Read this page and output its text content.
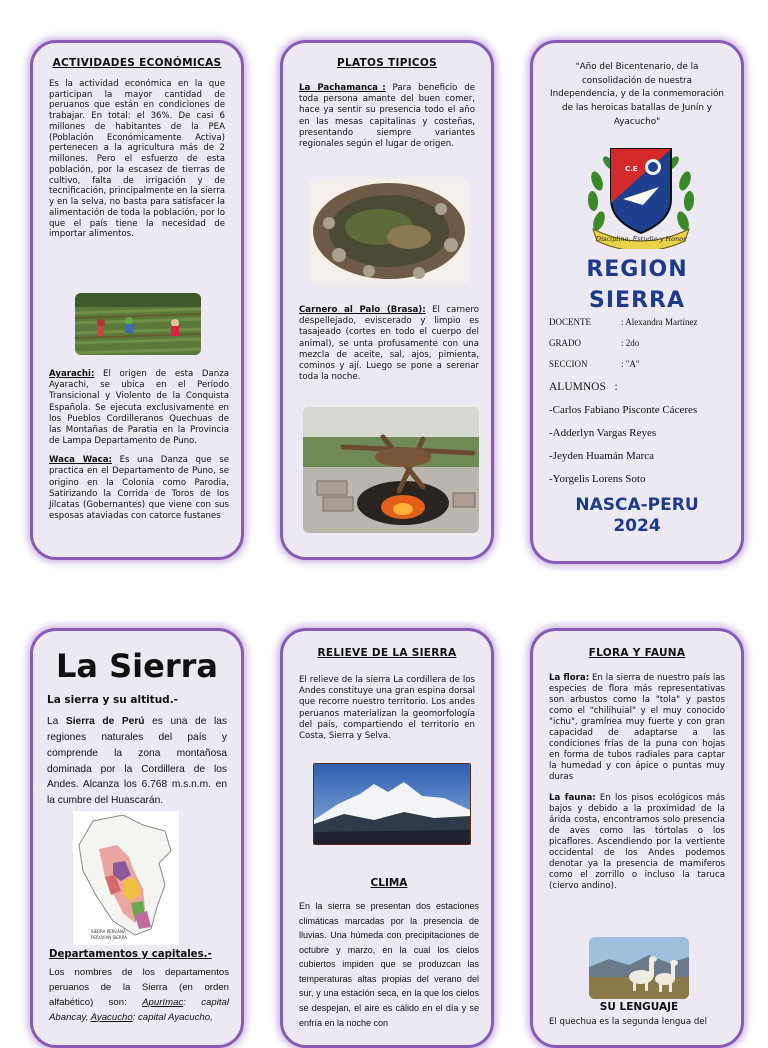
ACTIVIDADES ECONÓMICAS

Es la actividad económica en la que participan la mayor cantidad de peruanos que están en condiciones de trabajar. En total: el 36%. De casi 6 millones de habitantes de la PEA (Población Económicamente Activa) pertenecen a la agricultura más de 2 millones. Pero el esfuerzo de esta población, por la escasez de tierras de cultivo, falta de irrigación y de tecnificación, principalmente en la sierra y en la selva, no basta para satisfacer la alimentación de toda la población, por lo que el país tiene la necesidad de importar alimentos.

Ayarachi: El origen de esta Danza Ayarachi, se ubica en el Periodo Transicional y Violento de la Conquista Española. Se ejecuta exclusivamente en los Pueblos Cordilleranos Quechuas de las Montañas de Paratia en la Provincia de Lampa Departamento de Puno.

Waca Waca: Es una Danza que se practica en el Departamento de Puno, se origino en la Colonia como Parodia, Satirizando la Corrida de Toros de los Jilcatas (Gobernantes) que viene con sus esposas ataviadas con catorce fustanes

PLATOS TIPICOS

La Pachamanca_: Para beneficio de toda persona amante del buen comer, hace ya sentir su presencia todo el año en las mesas capitalinas y costeñas, presentando siempre variantes regionales según el lugar de origen.

Carnero al Palo (Brasa): El carnero despellejado, eviscerado y limpio es tasajeado (cortes en todo el cuerpo del animal), se unta profusamente con una mezcla de aceite, sal, ajos, pimienta, cominos y ají. Luego se pone a serenar toda la noche.

"Año del Bicentenario, de la consolidación de nuestra Independencia, y de la conmemoración de las heroicas batallas de Junín y Ayacucho"

C.E
Disciplina, Estudio y Honor
REGION
SIERRA
DOCENTE	: Alexandra Martínez
GRADO	: 2do
SECCION	: "A"
ALUMNOS :
-Carlos Fabiano Pisconte Cáceres
-Adderlyn Vargas Reyes
-Jeyden Huamán Marca
-Yorgelis Lorens Soto
NASCA-PERU
2024
La Sierra
La sierra y su altitud.-

La Sierra de Perú es una de las regiones naturales del país y comprende la zona montañosa dominada por la Cordillera de los Andes. Alcanza los 6.768 m.s.n.m. en la cumbre del Huascarán.

SIERRA PERUANA
PERUVIAN SIERRA
Departamentos y capitales.-

Los nombres de los departamentos peruanos de la Sierra (en orden alfabético) son: Apurímac: capital Abancay, Ayacucho: capital Ayacucho,

RELIEVE DE LA SIERRA

El relieve de la sierra La cordillera de los Andes constituye una gran espina dorsal que recorre nuestro territorio. Los andes peruanos materializan la geomorfología del país, compartiendo el territorio en Costa, Sierra y Selva.

CLIMA

En la sierra se presentan dos estaciones climáticas marcadas por la presencia de lluvias. Una húmeda con precipitaciones de octubre y marzo, en la cual los cielos cubiertos impiden que se produzcan las temperaturas altas propias del verano del sur, y una estación seca, en la que los cielos se despejan, el aire es cálido en el día y se enfría en la noche con

FLORA Y FAUNA

La flora: En la sierra de nuestro país las especies de flora más representativas son arbustos como la "tola" y pastos como el "chilihuial" y el muy conocido "ichu", gramínea muy fuerte y con gran capacidad de adaptarse a las condiciones frías de la puna con hojas en forma de tubos radiales para captar la humedad y con ápice o puntas muy duras

La fauna: En los pisos ecológicos más bajos y debido a la proximidad de la árida costa, encontramos solo presencia de aves como las tórtolas o los picaflores. Ascendiendo por la vertiente occidental de los Andes podemos denotar ya la presencia de mamiferos como el zorrillo o incluso la taruca (ciervo andino).

SU LENGUAJE

El quechua es la segunda lengua del
